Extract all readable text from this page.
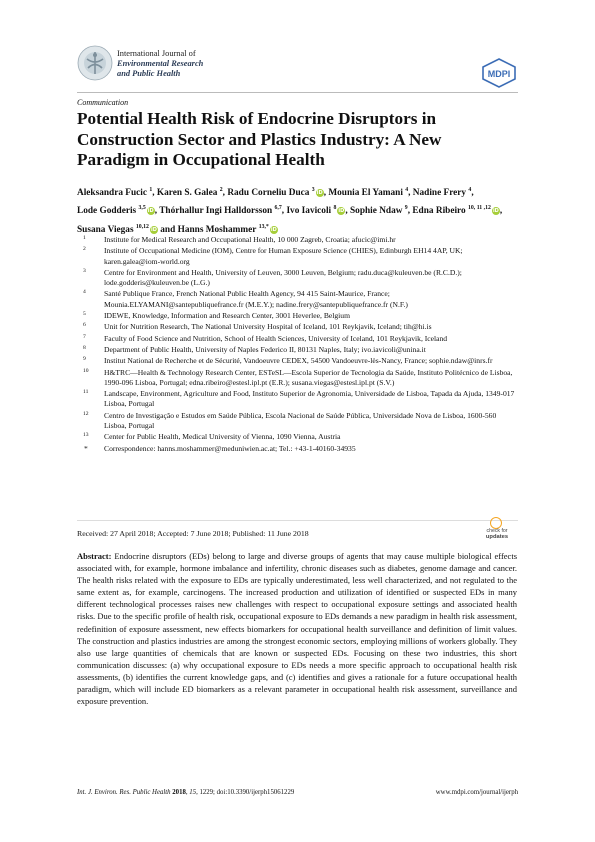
International Journal of
Environmental Research
and Public Health	MDPI
Communication
Potential Health Risk of Endocrine Disruptors in Construction Sector and Plastics Industry: A New Paradigm in Occupational Health
Aleksandra Fucic $^1$, Karen S. Galea $^2$, Radu Corneliu Duca $^3$iD, Mounia El Yamani $^4$, Nadine Frery $^4$, Lode Godderis $^{3,5}$iD, Thórhallur Ingi Halldorsson $^{6,7}$, Ivo Iavicoli $^8$iD, Sophie Ndaw $^9$, Edna Ribeiro $^{10, 11 ,12}$iD, Susana Viegas $^{10,12}$iD and Hanns Moshammer $^{13,*}$iD
1 Institute for Medical Research and Occupational Health, 10 000 Zagreb, Croatia; afucic@imi.hr
2 Institute of Occupational Medicine (IOM), Centre for Human Exposure Science (CHIES), Edinburgh EH14 4AP, UK; karen.galea@iom-world.org
3 Centre for Environment and Health, University of Leuven, 3000 Leuven, Belgium; radu.duca@kuleuven.be (R.C.D.); lode.godderis@kuleuven.be (L.G.)
4 Santé Publique France, French National Public Health Agency, 94 415 Saint-Maurice, France; Mounia.ELYAMANI@santepubliquefrance.fr (M.E.Y.); nadine.frery@santepubliquefrance.fr (N.F.)
5 IDEWE, Knowledge, Information and Research Center, 3001 Heverlee, Belgium
6 Unit for Nutrition Research, The National University Hospital of Iceland, 101 Reykjavik, Iceland; tih@hi.is
7 Faculty of Food Science and Nutrition, School of Health Sciences, University of Iceland, 101 Reykjavik, Iceland
8 Department of Public Health, University of Naples Federico II, 80131 Naples, Italy; ivo.iavicoli@unina.it
9 Institut National de Recherche et de Sécurité, Vandoeuvre CEDEX, 54500 Vandoeuvre-lès-Nancy, France; sophie.ndaw@inrs.fr
10 H&TRC—Health & Technology Research Center, ESTeSL—Escola Superior de Tecnologia da Saúde, Instituto Politécnico de Lisboa, 1990-096 Lisboa, Portugal; edna.ribeiro@estesl.ipl.pt (E.R.); susana.viegas@estesl.ipl.pt (S.V.)
11 Landscape, Environment, Agriculture and Food, Instituto Superior de Agronomia, Universidade de Lisboa, Tapada da Ajuda, 1349-017 Lisboa, Portugal
12 Centro de Investigação e Estudos em Saúde Pública, Escola Nacional de Saúde Pública, Universidade Nova de Lisboa, 1600-560 Lisboa, Portugal
13 Center for Public Health, Medical University of Vienna, 1090 Vienna, Austria
* Correspondence: hanns.moshammer@meduniwien.ac.at; Tel.: +43-1-40160-34935
Received: 27 April 2018; Accepted: 7 June 2018; Published: 11 June 2018	check for
updates
Abstract: Endocrine disruptors (EDs) belong to large and diverse groups of agents that may cause multiple biological effects associated with, for example, hormone imbalance and infertility, chronic diseases such as diabetes, genome damage and cancer. The health risks related with the exposure to EDs are typically underestimated, less well characterized, and not regulated to the same extent as, for example, carcinogens. The increased production and utilization of identified or suspected EDs in many different technological processes raises new challenges with respect to occupational exposure settings and associated health risks. Due to the specific profile of health risk, occupational exposure to EDs demands a new paradigm in health risk assessment, redefinition of exposure assessment, new effects biomarkers for occupational health surveillance and definition of limit values. The construction and plastics industries are among the strongest economic sectors, employing millions of workers globally. They also use large quantities of chemicals that are known or suspected EDs. Focusing on these two industries, this short communication discusses: (a) why occupational exposure to EDs needs a more specific approach to occupational health risk assessments, (b) identifies the current knowledge gaps, and (c) identifies and gives a rationale for a future occupational health paradigm, which will include ED biomarkers as a relevant parameter in occupational health risk assessment, surveillance and exposure prevention.
Int. J. Environ. Res. Public Health 2018, 15, 1229; doi:10.3390/ijerph15061229	www.mdpi.com/journal/ijerph
